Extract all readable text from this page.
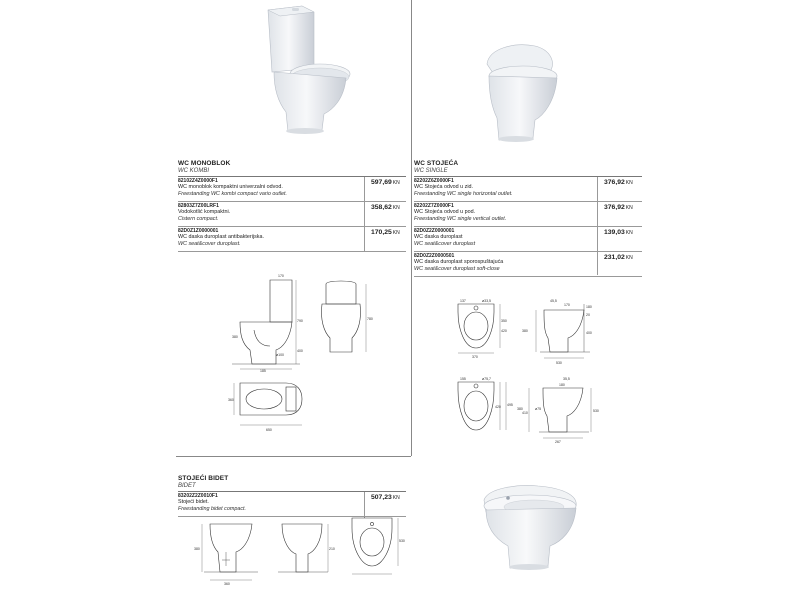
WC MONOBLOK
WC KOMBI
82102Z4Z0000F1
WC monoblok kompaktni univerzalni odvod.
Freestanding WC kombi compact vario outlet.
597,69KN
82803Z7Z00LRF1
Vodokotlić kompaktni.
Cistern compact.
358,62KN
82D0Z1Z0000001
WC daska duroplast antibakterijska.
WC seat&cover duroplast.
170,25KN
WC STOJEĆA
WC SINGLE
82202Z6Z0000F1
WC Stojeća odvod u zid.
Freestanding WC single horizontal outlet.
376,92KN
82202Z7Z0000F1
WC Stojeća odvod u pod.
Freestanding WC single vertical outlet.
376,92KN
82D0Z2Z0000001
WC daska duroplast
WC seat&cover duroplast
139,03KN
82D0Z2Z0000501
WC daska duroplast sporospuštajuća
WC seat&cover duroplast soft-close
231,02KN
STOJEĆI BIDET
BIDET
83202Z2Z0010F1
Stojeći bidet.
Freestanding bidet compact.
507,23KN
170
380
790
400
ø100
185
780
360
650
137	ø33,5
350
420
370
45,5
170	180
20
380	400
530
155	ø75,7
420 495
35,5
180
ø75
380
410	530
267
380
360
210
530
